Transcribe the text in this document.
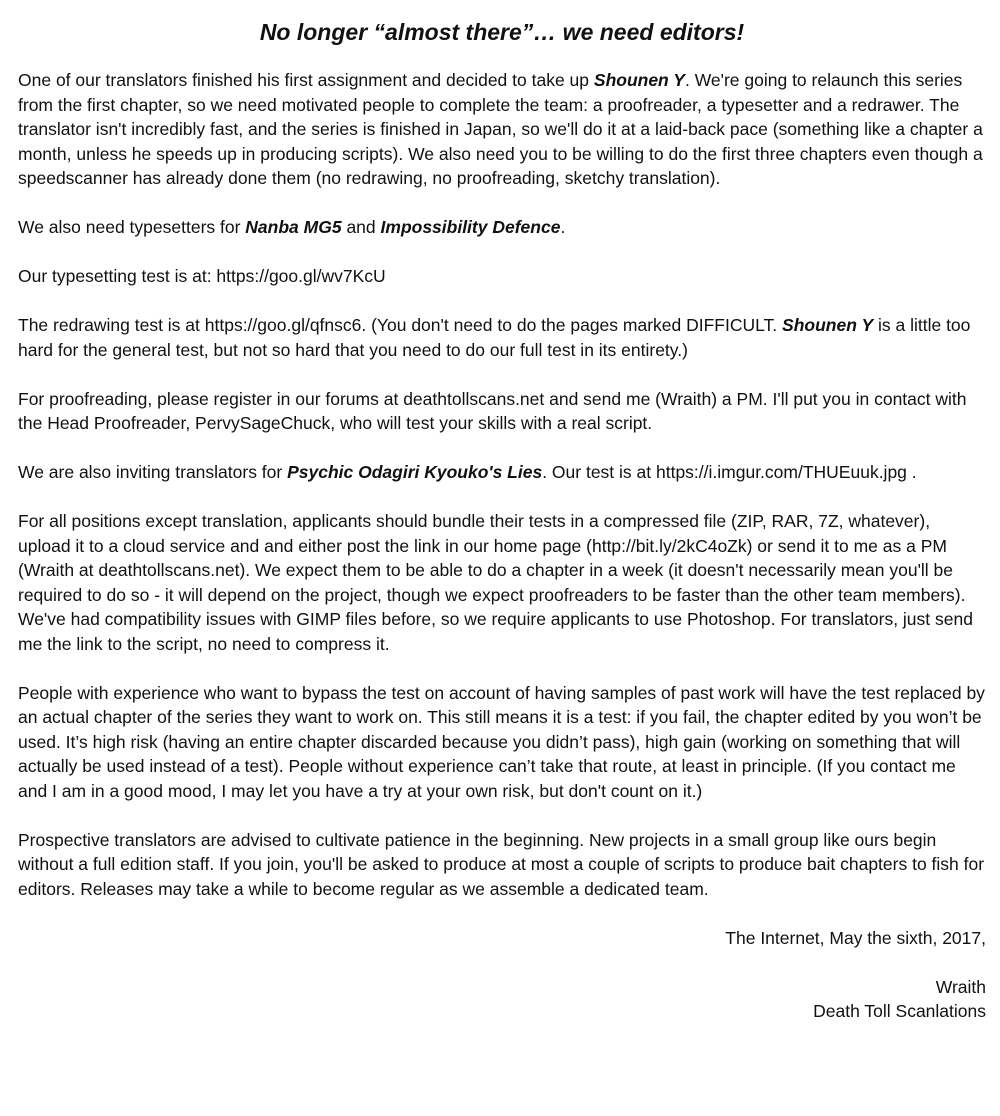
No longer “almost there”… we need editors!

One of our translators finished his first assignment and decided to take up Shounen Y. We're going to relaunch this series from the first chapter, so we need motivated people to complete the team: a proofreader, a typesetter and a redrawer. The translator isn't incredibly fast, and the series is finished in Japan, so we'll do it at a laid-back pace (something like a chapter a month, unless he speeds up in producing scripts). We also need you to be willing to do the first three chapters even though a speedscanner has already done them (no redrawing, no proofreading, sketchy translation).

We also need typesetters for Nanba MG5 and Impossibility Defence.

Our typesetting test is at: https://goo.gl/wv7KcU

The redrawing test is at https://goo.gl/qfnsc6. (You don't need to do the pages marked DIFFICULT. Shounen Y is a little too hard for the general test, but not so hard that you need to do our full test in its entirety.)

For proofreading, please register in our forums at deathtollscans.net and send me (Wraith) a PM. I'll put you in contact with the Head Proofreader, PervySageChuck, who will test your skills with a real script.

We are also inviting translators for Psychic Odagiri Kyouko's Lies. Our test is at https://i.imgur.com/THUEuuk.jpg .

For all positions except translation, applicants should bundle their tests in a compressed file (ZIP, RAR, 7Z, whatever), upload it to a cloud service and and either post the link in our home page (http://bit.ly/2kC4oZk) or send it to me as a PM (Wraith at deathtollscans.net). We expect them to be able to do a chapter in a week (it doesn't necessarily mean you'll be required to do so - it will depend on the project, though we expect proofreaders to be faster than the other team members). We've had compatibility issues with GIMP files before, so we require applicants to use Photoshop. For translators, just send me the link to the script, no need to compress it.

People with experience who want to bypass the test on account of having samples of past work will have the test replaced by an actual chapter of the series they want to work on. This still means it is a test: if you fail, the chapter edited by you won’t be used. It’s high risk (having an entire chapter discarded because you didn’t pass), high gain (working on something that will actually be used instead of a test). People without experience can’t take that route, at least in principle. (If you contact me and I am in a good mood, I may let you have a try at your own risk, but don't count on it.)

Prospective translators are advised to cultivate patience in the beginning. New projects in a small group like ours begin without a full edition staff. If you join, you'll be asked to produce at most a couple of scripts to produce bait chapters to fish for editors. Releases may take a while to become regular as we assemble a dedicated team.

The Internet, May the sixth, 2017,
Wraith
Death Toll Scanlations
